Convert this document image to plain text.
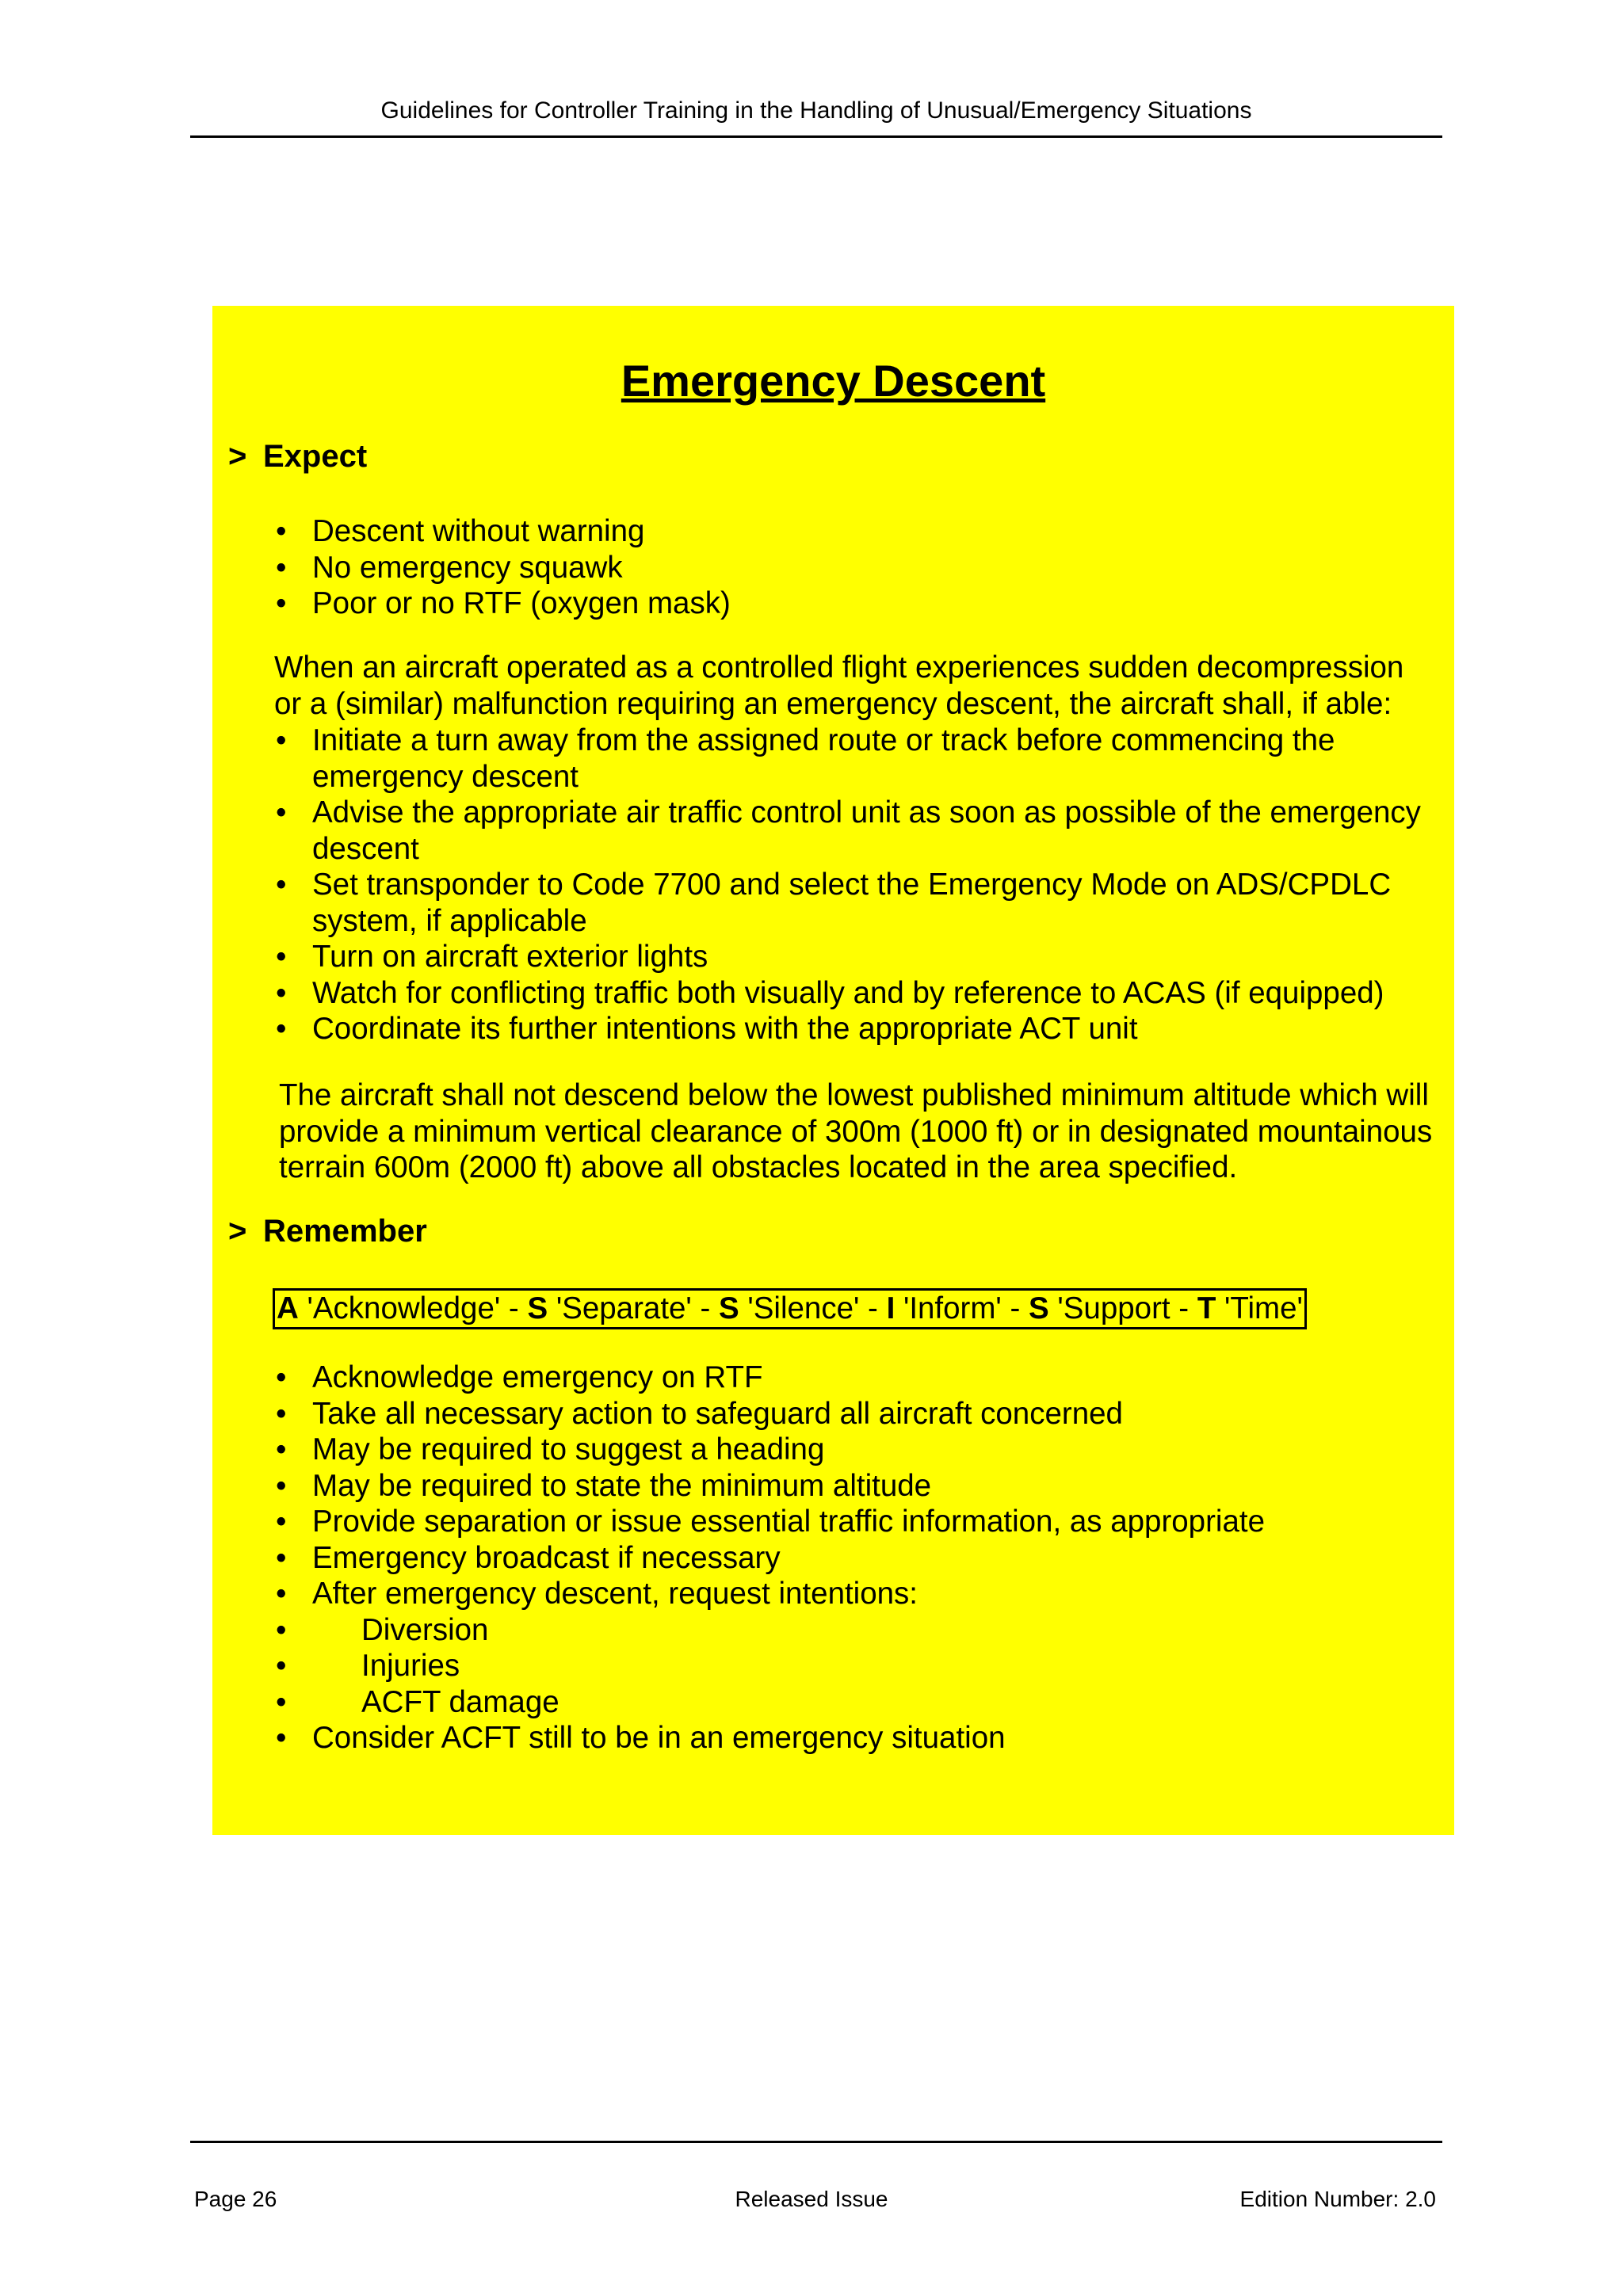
Guidelines for Controller Training in the Handling of Unusual/Emergency Situations
Emergency Descent
> Expect
• Descent without warning
• No emergency squawk
• Poor or no RTF (oxygen mask)

When an aircraft operated as a controlled flight experiences sudden decompression or a (similar) malfunction requiring an emergency descent, the aircraft shall, if able:

• Initiate a turn away from the assigned route or track before commencing the emergency descent
• Advise the appropriate air traffic control unit as soon as possible of the emergency descent
• Set transponder to Code 7700 and select the Emergency Mode on ADS/CPDLC system, if applicable
• Turn on aircraft exterior lights
• Watch for conflicting traffic both visually and by reference to ACAS (if equipped)
• Coordinate its further intentions with the appropriate ACT unit

The aircraft shall not descend below the lowest published minimum altitude which will provide a minimum vertical clearance of 300m (1000 ft) or in designated mountainous terrain 600m (2000 ft) above all obstacles located in the area specified.

> Remember
A 'Acknowledge' - S 'Separate' - S 'Silence' - I 'Inform' - S 'Support - T 'Time'
• Acknowledge emergency on RTF
• Take all necessary action to safeguard all aircraft concerned
• May be required to suggest a heading
• May be required to state the minimum altitude
• Provide separation or issue essential traffic information, as appropriate
• Emergency broadcast if necessary
• After emergency descent, request intentions:
• Diversion
• Injuries
• ACFT damage
• Consider ACFT still to be in an emergency situation
Page 26	Released Issue	Edition Number: 2.0
